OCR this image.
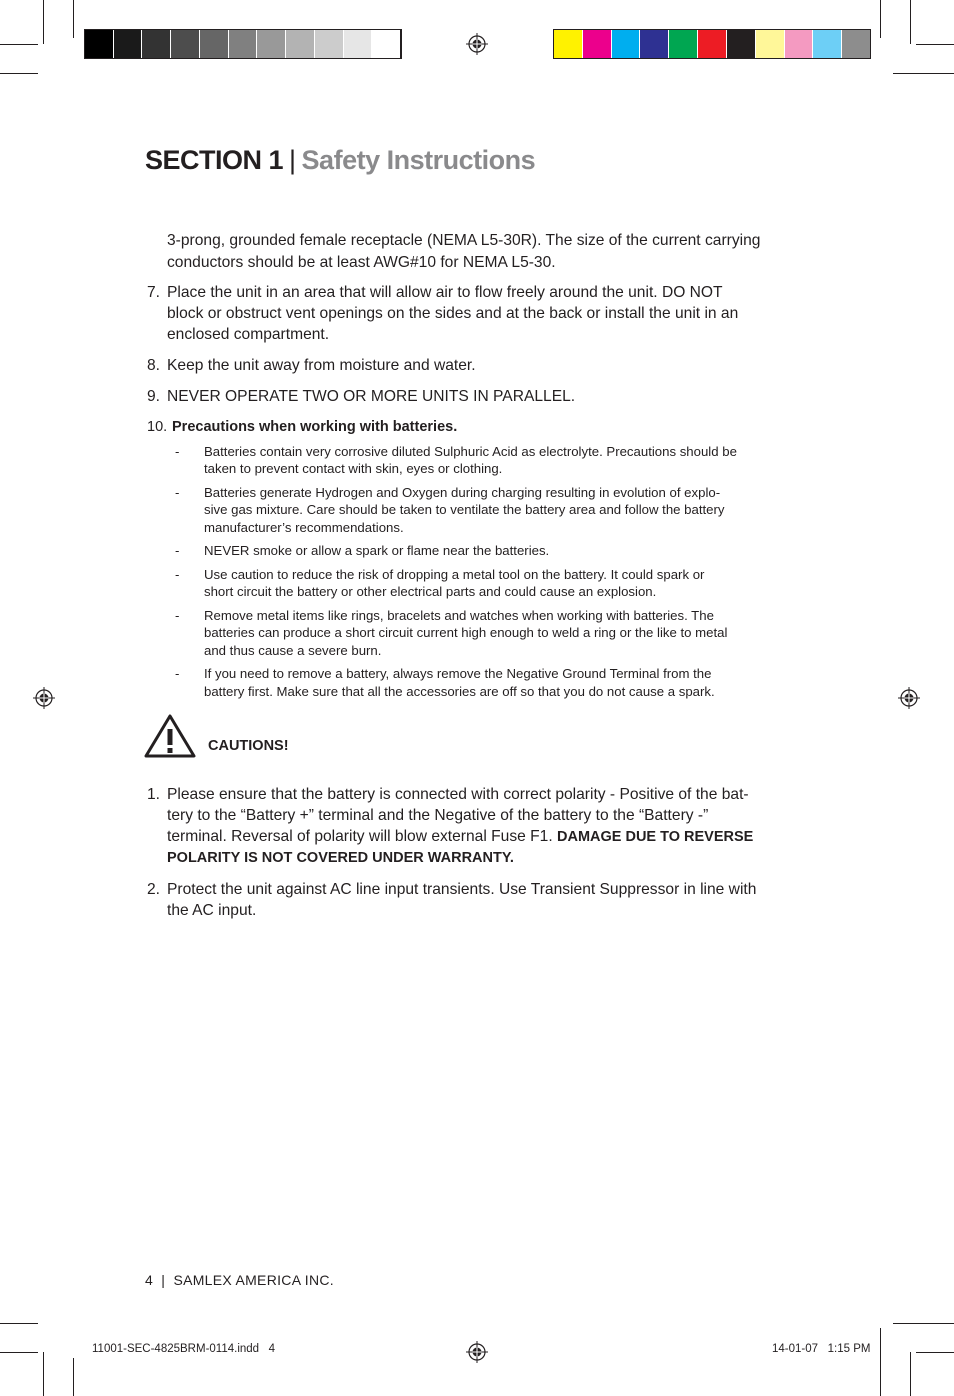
SECTION 1 | Safety Instructions
3-prong, grounded female receptacle (NEMA L5-30R). The size of the current carrying
conductors should be at least AWG#10 for NEMA L5-30.
7. Place the unit in an area that will allow air to flow freely around the unit. DO NOT
block or obstruct vent openings on the sides and at the back or install the unit in an
enclosed compartment.
8. Keep the unit away from moisture and water.
9. NEVER OPERATE TWO OR MORE UNITS IN PARALLEL.
10. Precautions when working with batteries.
- Batteries contain very corrosive diluted Sulphuric Acid as electrolyte. Precautions should be
taken to prevent contact with skin, eyes or clothing.
- Batteries generate Hydrogen and Oxygen during charging resulting in evolution of explo-
sive gas mixture. Care should be taken to ventilate the battery area and follow the battery
manufacturer’s recommendations.
- NEVER smoke or allow a spark or flame near the batteries.
- Use caution to reduce the risk of dropping a metal tool on the battery. It could spark or
short circuit the battery or other electrical parts and could cause an explosion.
- Remove metal items like rings, bracelets and watches when working with batteries. The
batteries can produce a short circuit current high enough to weld a ring or the like to metal
and thus cause a severe burn.
- If you need to remove a battery, always remove the Negative Ground Terminal from the
battery first. Make sure that all the accessories are off so that you do not cause a spark.
CAUTIONS!
1. Please ensure that the battery is connected with correct polarity - Positive of the bat-
tery to the “Battery +” terminal and the Negative of the battery to the “Battery -”
terminal. Reversal of polarity will blow external Fuse F1. DAMAGE DUE TO REVERSE
POLARITY IS NOT COVERED UNDER WARRANTY.
2. Protect the unit against AC line input transients. Use Transient Suppressor in line with
the AC input.
4 | SAMLEX AMERICA INC.
11001-SEC-4825BRM-0114.indd   4	14-01-07   1:15 PM
